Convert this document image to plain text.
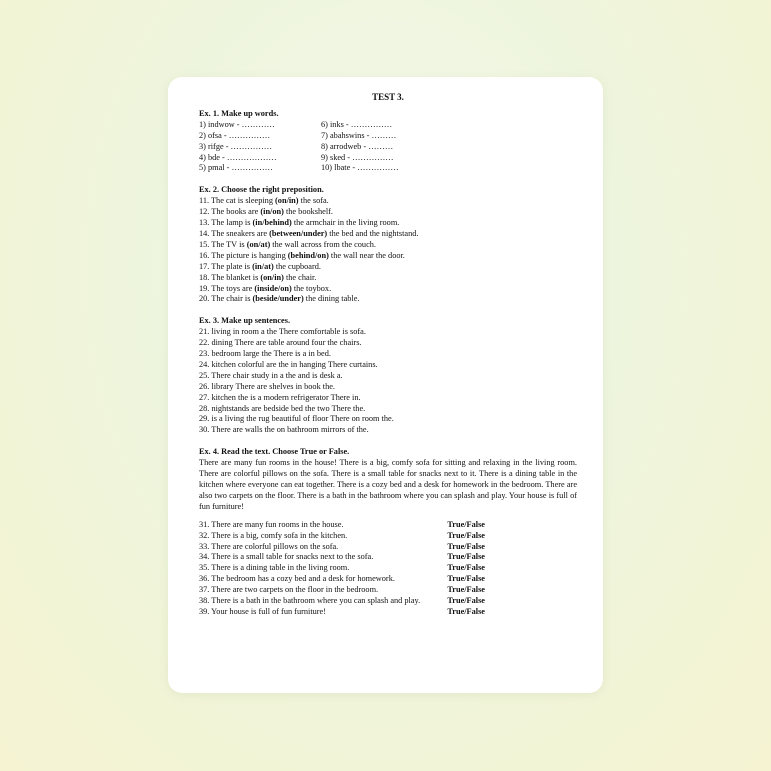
TEST 3.
Ex. 1. Make up words.
1) indwow - …………
2) ofsa - ……………
3) rifge - ……………
4) bde - ………………
5) pmal - ……………
6) inks - ……………
7) abahswins - ………
8) arrodweb - ………
9) sked - ……………
10) lbate - ……………
Ex. 2. Choose the right preposition.
11. The cat is sleeping (on/in) the sofa.
12. The books are (in/on) the bookshelf.
13. The lamp is (in/behind) the armchair in the living room.
14. The sneakers are (between/under) the bed and the nightstand.
15. The TV is (on/at) the wall across from the couch.
16. The picture is hanging (behind/on) the wall near the door.
17. The plate is (in/at) the cupboard.
18. The blanket is (on/in) the chair.
19. The toys are (inside/on) the toybox.
20. The chair is (beside/under) the dining table.
Ex. 3. Make up sentences.
21. living in room a the There comfortable is sofa.
22. dining There are table around four the chairs.
23. bedroom large the There is a in bed.
24. kitchen colorful are the in hanging There curtains.
25. There chair study in a the and is desk a.
26. library There are shelves in book the.
27. kitchen the is a modern refrigerator There in.
28. nightstands are bedside bed the two There the.
29. is a living the rug beautiful of floor There on room the.
30. There are walls the on bathroom mirrors of the.
Ex. 4. Read the text. Choose True or False.

There are many fun rooms in the house! There is a big, comfy sofa for sitting and relaxing in the living room. There are colorful pillows on the sofa. There is a small table for snacks next to it. There is a dining table in the kitchen where everyone can eat together. There is a cozy bed and a desk for homework in the bedroom. There are also two carpets on the floor. There is a bath in the bathroom where you can splash and play. Your house is full of fun furniture!

31. There are many fun rooms in the house.	True/False
32. There is a big, comfy sofa in the kitchen.	True/False
33. There are colorful pillows on the sofa.	True/False
34. There is a small table for snacks next to the sofa.	True/False
35. There is a dining table in the living room.	True/False
36. The bedroom has a cozy bed and a desk for homework.	True/False
37. There are two carpets on the floor in the bedroom.	True/False
38. There is a bath in the bathroom where you can splash and play.	True/False
39. Your house is full of fun furniture!	True/False
